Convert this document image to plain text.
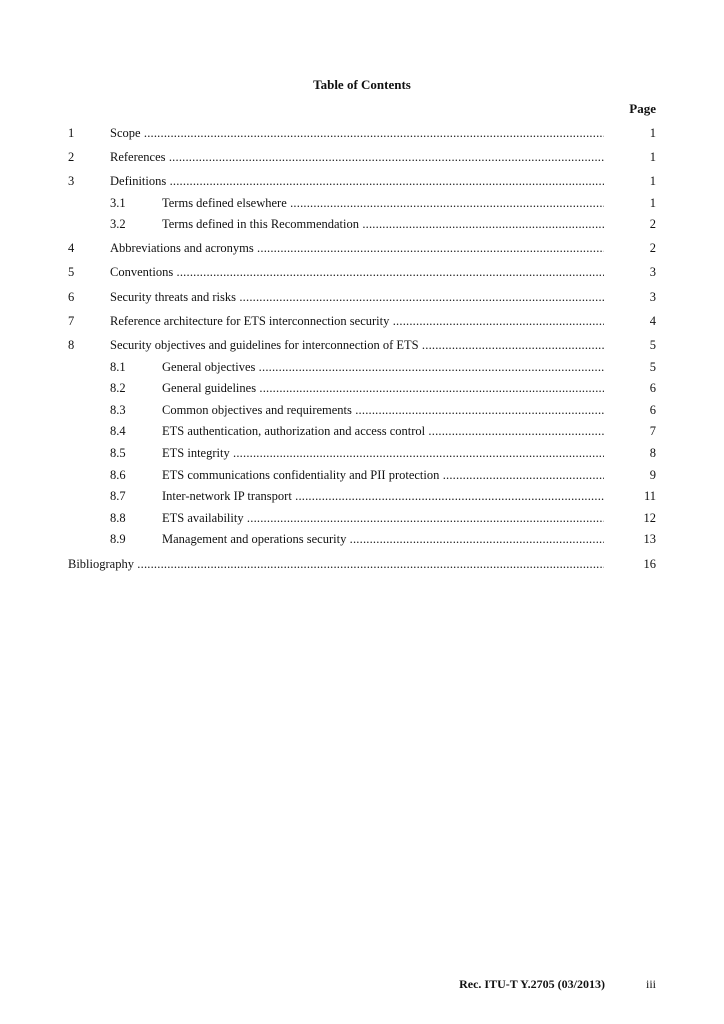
Table of Contents
Page
1	Scope .....	1
2	References .....	1
3	Definitions .....	1
3.1	Terms defined elsewhere .....	1
3.2	Terms defined in this Recommendation .....	2
4	Abbreviations and acronyms .....	2
5	Conventions .....	3
6	Security threats and risks .....	3
7	Reference architecture for ETS interconnection security .....	4
8	Security objectives and guidelines for interconnection of ETS .....	5
8.1	General objectives .....	5
8.2	General guidelines .....	6
8.3	Common objectives and requirements .....	6
8.4	ETS authentication, authorization and access control .....	7
8.5	ETS integrity .....	8
8.6	ETS communications confidentiality and PII protection .....	9
8.7	Inter-network IP transport .....	11
8.8	ETS availability .....	12
8.9	Management and operations security .....	13
Bibliography .....	16
Rec. ITU-T Y.2705 (03/2013)	iii
